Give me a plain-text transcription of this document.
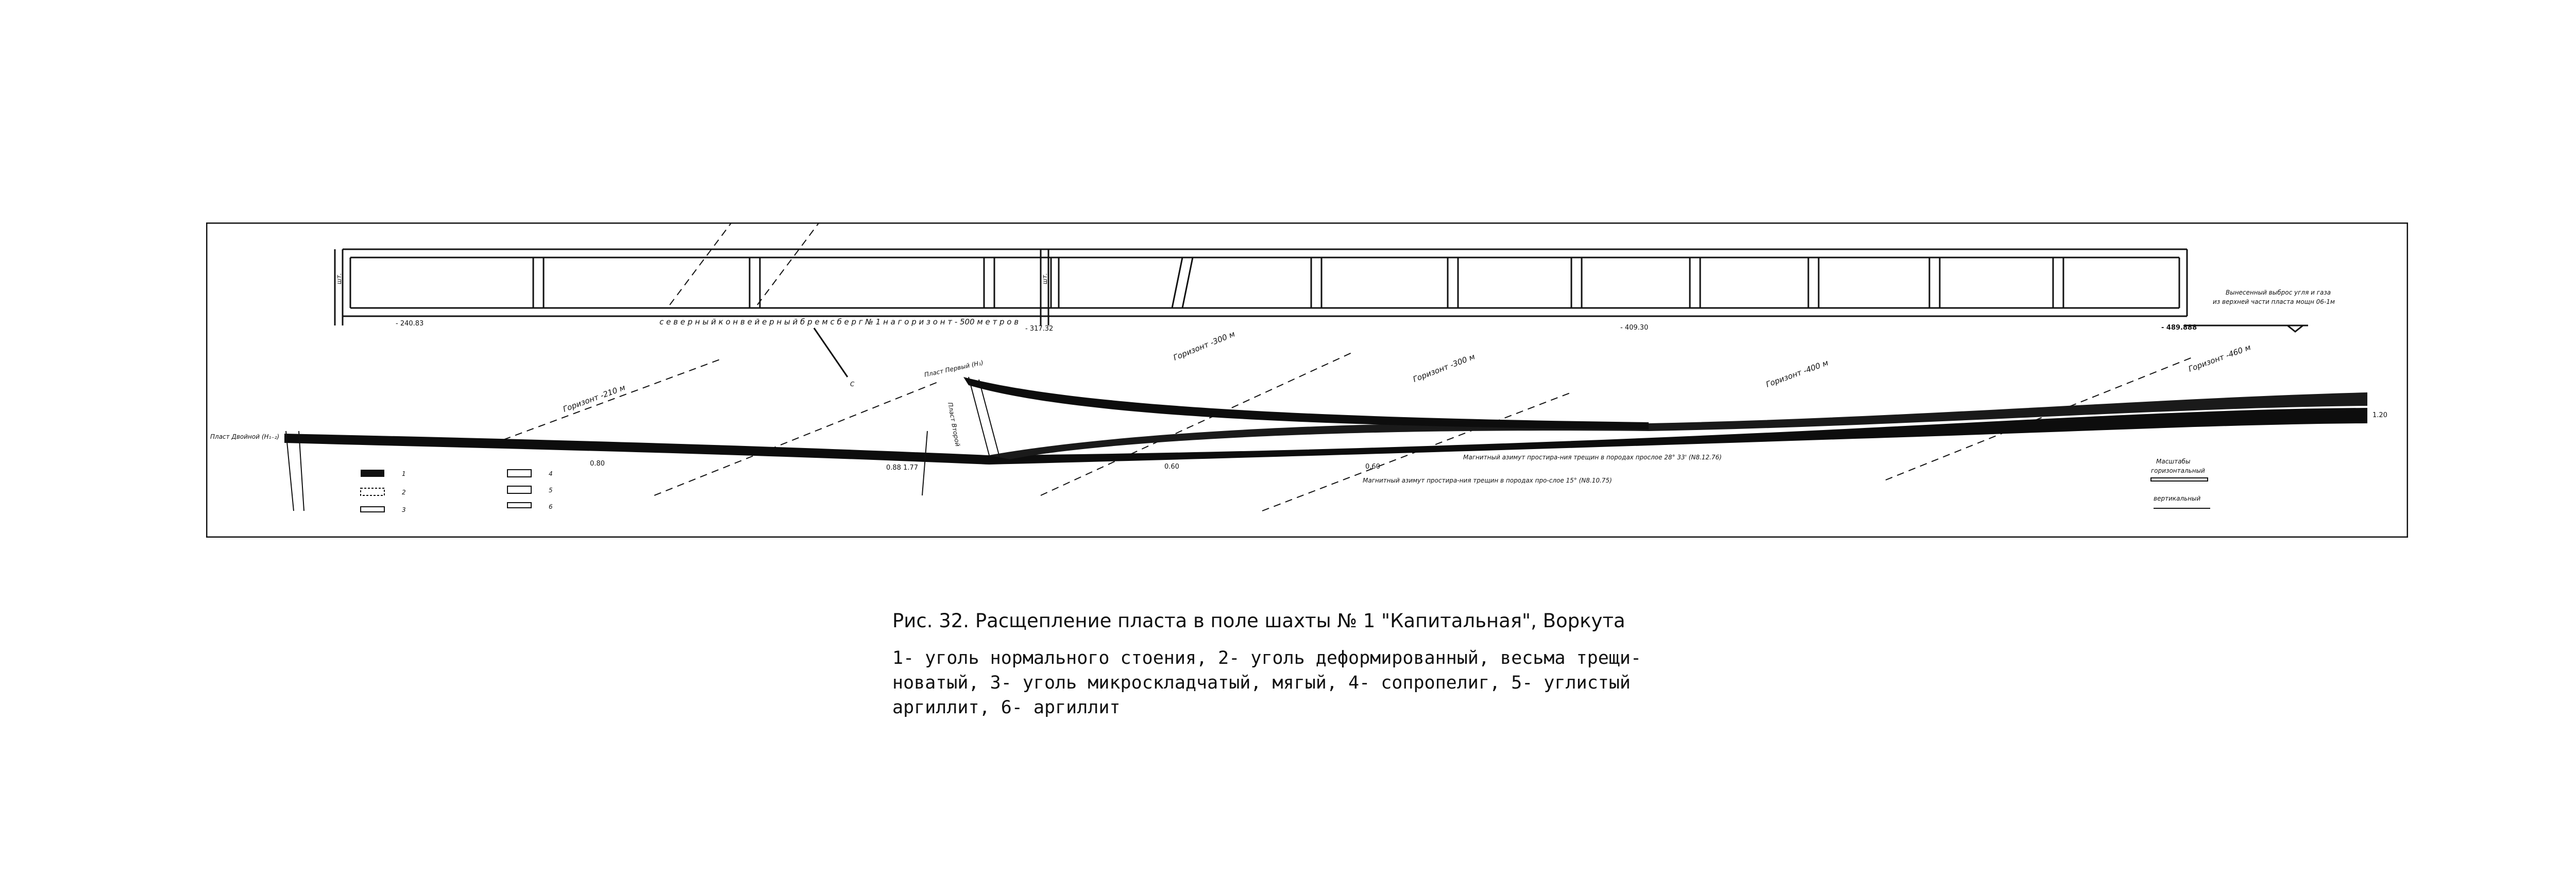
с е в е р н ы й к о н в е й е р н ы й б р е м с б е р г № 1 н а г о р и з о н т - 500 м е т р о в
- 240.83
- 317.32	- 409.30	- 489.888
Вынесенный выброс угля и газа
из верхней части пласта мощн 06-1м
шт.	шт.
Горизонт -210 м
Горизонт -300 м
Горизонт -300 м	Горизонт -400 м	Горизонт -460 м
С
Пласт Двойной (Н₁₋₂)
Пласт Первый (Н₁)
Пласт Второй
0.80	0.60
0.88 1.77	0.60
1.20
Магнитный азимут простира-ния трещин в породах про-слое 15° (N8.10.75)
Магнитный азимут простира-ния трещин в породах прослое 28° 33' (N8.12.76)
1
2
3
4
5
6
Масштабы
горизонтальный
вертикальный
Рис. 32. Расщепление пласта в поле шахты № 1 "Капитальная", Воркута
1- уголь нормального стоения, 2- уголь деформированный, весьма трещи-
новатый, 3- уголь микроскладчатый, мягый, 4- сопропелиг, 5- углистый
аргиллит, 6- аргиллит
